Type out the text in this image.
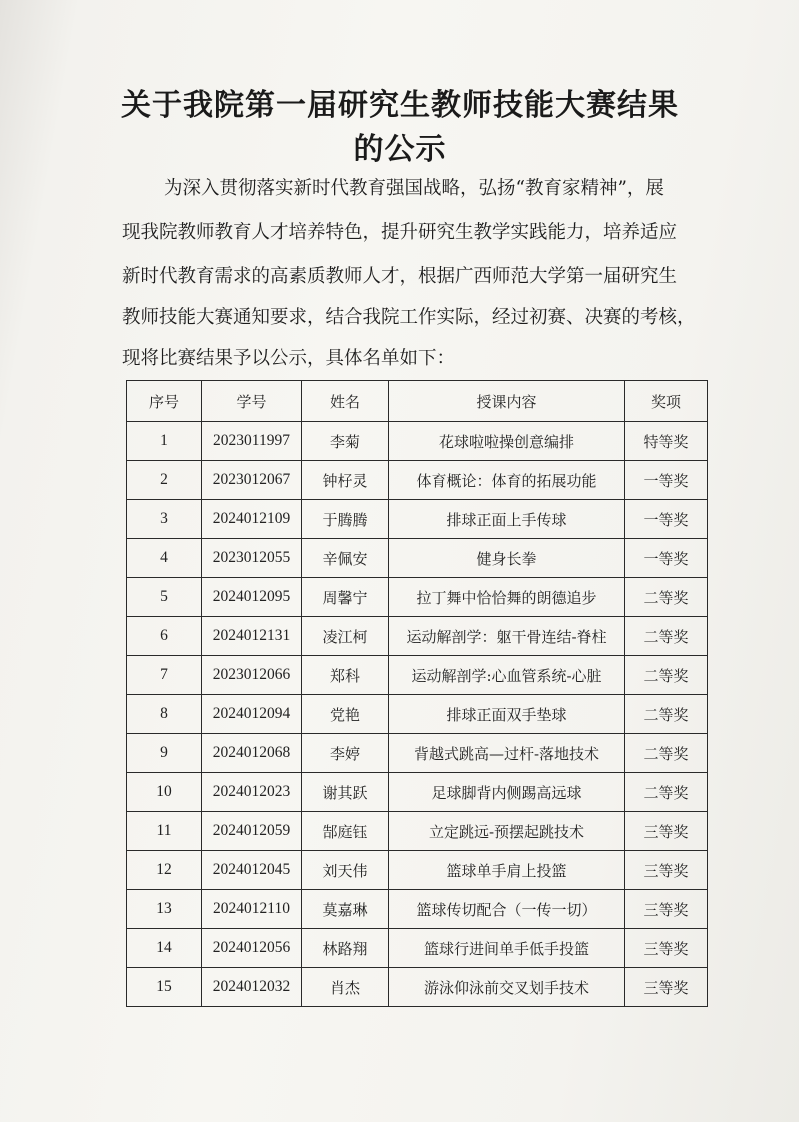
关于我院第一届研究生教师技能大赛结果
的公示

为深入贯彻落实新时代教育强国战略，弘扬“教育家精神”，展

现我院教师教育人才培养特色，提升研究生教学实践能力，培养适应

新时代教育需求的高素质教师人才，根据广西师范大学第一届研究生

教师技能大赛通知要求，结合我院工作实际，经过初赛、决赛的考核，

现将比赛结果予以公示，具体名单如下：

序号	学号	姓名	授课内容	奖项
1	2023011997	李菊	花球啦啦操创意编排	特等奖
2	2023012067	钟杍灵	体育概论：体育的拓展功能	一等奖
3	2024012109	于腾腾	排球正面上手传球	一等奖
4	2023012055	辛佩安	健身长拳	一等奖
5	2024012095	周馨宁	拉丁舞中恰恰舞的朗德追步	二等奖
6	2024012131	凌江柯	运动解剖学：躯干骨连结-脊柱	二等奖
7	2023012066	郑科	运动解剖学:心血管系统-心脏	二等奖
8	2024012094	党艳	排球正面双手垫球	二等奖
9	2024012068	李婷	背越式跳高—过杆-落地技术	二等奖
10	2024012023	谢其跃	足球脚背内侧踢高远球	二等奖
11	2024012059	郜庭钰	立定跳远-预摆起跳技术	三等奖
12	2024012045	刘天伟	篮球单手肩上投篮	三等奖
13	2024012110	莫嘉琳	篮球传切配合（一传一切）	三等奖
14	2024012056	林路翔	篮球行进间单手低手投篮	三等奖
15	2024012032	肖杰	游泳仰泳前交叉划手技术	三等奖
